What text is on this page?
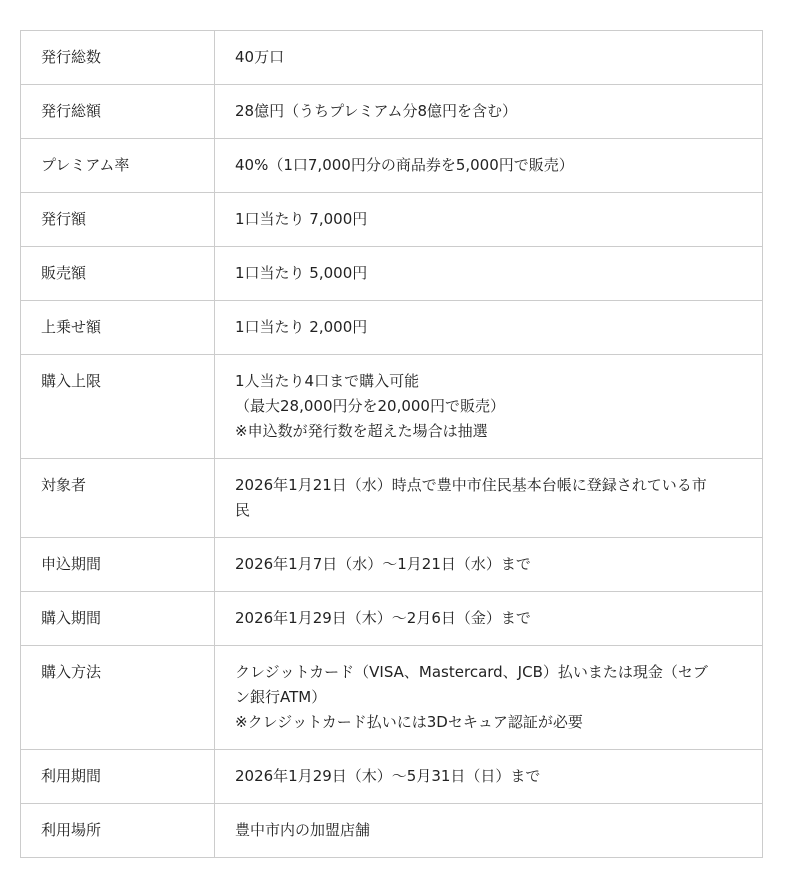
発行総数	40万口

発行総額	28億円（うちプレミアム分8億円を含む）

プレミアム率	40%（1口7,000円分の商品券を5,000円で販売）

発行額	1口当たり 7,000円

販売額	1口当たり 5,000円

上乗せ額	1口当たり 2,000円

購入上限	1人当たり4口まで購入可能
（最大28,000円分を20,000円で販売）
※申込数が発行数を超えた場合は抽選

対象者	2026年1月21日（水）時点で豊中市住民基本台帳に登録されている市
民

申込期間	2026年1月7日（水）～1月21日（水）まで

購入期間	2026年1月29日（木）～2月6日（金）まで

購入方法	クレジットカード（VISA、Mastercard、JCB）払いまたは現金（セブ
ン銀行ATM）
※クレジットカード払いには3Dセキュア認証が必要

利用期間	2026年1月29日（木）～5月31日（日）まで

利用場所	豊中市内の加盟店舗
